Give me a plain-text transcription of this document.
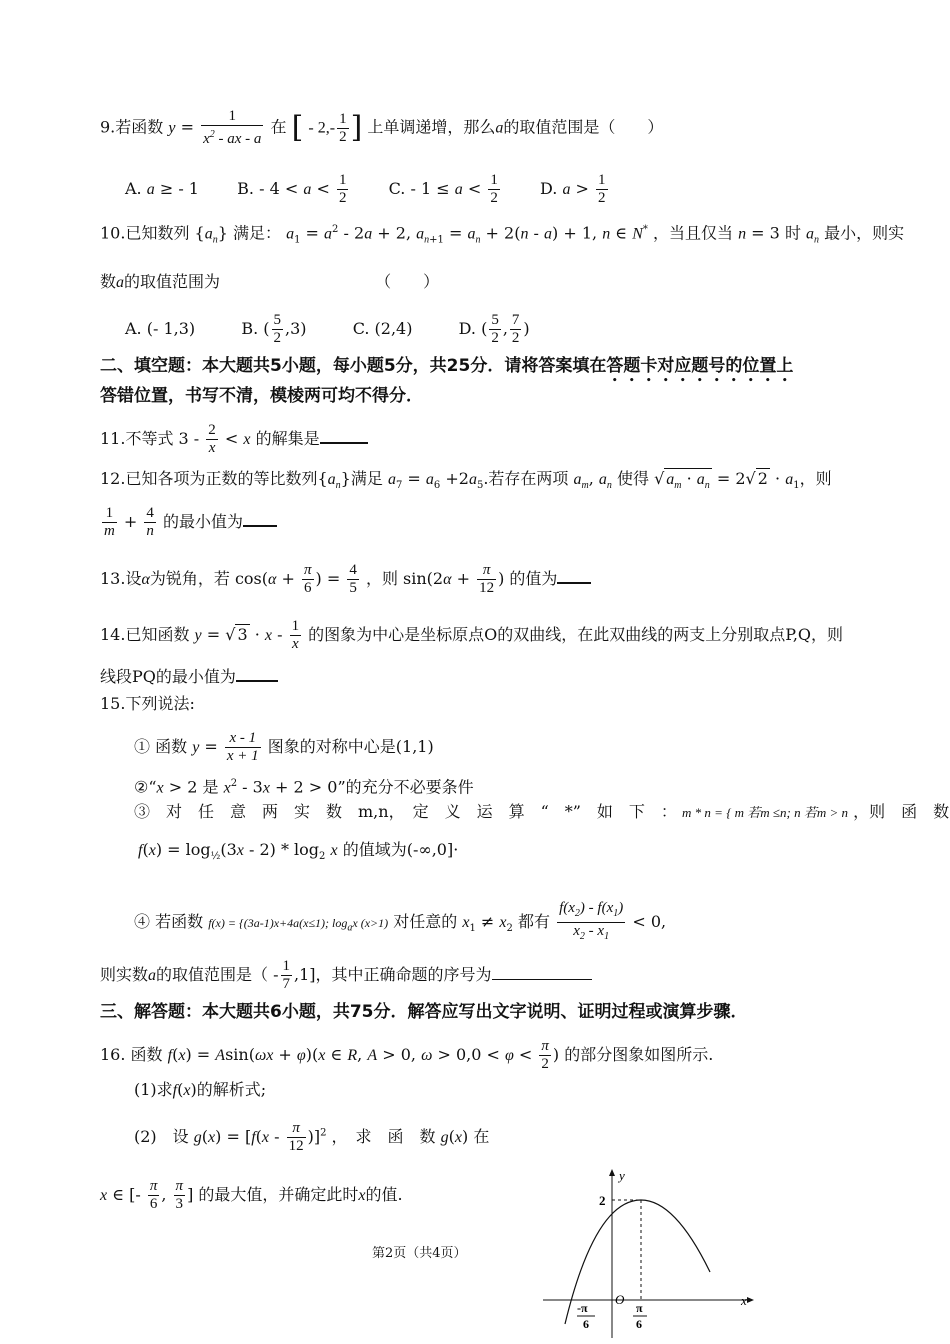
9.若函数 $y = \frac{1}{x^2 - ax - a}$ 在 [ - $2,- \frac{1}{2}$ ] 上单调递增，那么a的取值范围是（　　）
A. a ≥ - 1  B. - $4 < a < \frac{1}{2}$	C. - $1 \le a < \frac{1}{2}$	D. $a > \frac{1}{2}$
10.已知数列 $\{a_n\}$ 满足： $a_1 = a^2 - 2a + 2$, $a_{n+1} = a_n + 2(n - a) + 1$, n ∈ N* ，当且仅当 n = 3 时 $a_n$ 最小，则实
数a的取值范围为	（　　）
A. (- 1,3)	B. ( $\frac{5}{2} ,3$)	C. (2,4)	D. ( $\frac{5}{2}$ , $\frac{7}{2}$ )
二、填空题：本大题共5小题，每小题5分，共25分．请将答案填在答题卡对应题号的位置上
答错位置，书写不清，模棱两可均不得分．
11.不等式 $3 - \frac{2}{x} < x$ 的解集是
12.已知各项为正数的等比数列$\{a_n\}$满足 $a_7 = a_6 +2a_5$.若存在两项 $a_m$, $a_n$ 使得 √ $a_m \cdot a_n = 2√$ $2 \cdot a_1$，则
$\frac{1}{m} + \frac{4}{n}$ 的最小值为
13.设α为锐角，若 $\cos(\alpha + \frac{\pi}{6}$ ) = $\frac{4}{5}$ ，则 $\sin(2\alpha + \frac{\pi}{12}$ ) 的值为
14.已知函数 y = √ $3 \cdot x - \frac{1}{x}$ 的图象为中心是坐标原点O的双曲线，在此双曲线的两支上分别取点P,Q，则
线段PQ的最小值为
15.下列说法:
① 函数 $y = \frac{x - 1}{x + 1}$ 图象的对称中心是(1,1)
②“x > 2 是 $x^2 - 3x + 2 > 0$”的充分不必要条件
③　对　任　意　两　实　数　m,n，　定　义　运　算　“　*”　如　下　： m * n = { m 若m ≤n; n 若m > n ，则　函　数
$f(x) = \log_{\frac{1}{2}}(3x - 2) * \log_2 x$ 的值域为(-∞,0]·
④ 若函数 f(x) = {(3a-1)x+4a(x≤1); $\log_ax$ (x>1) 对任意的 $x_1 \ne x_2$ 都有 $\frac{f(x_2) - f(x_1)}{x_2 - x_1} < 0$,
则实数a的取值范围是（ - $\frac{1}{7} ,1$]，其中正确命题的序号为
三、解答题：本大题共6小题，共75分．解答应写出文字说明、证明过程或演算步骤．
16. 函数 f(x) = Asin(ωx + φ)(x ∈ R, A > 0, $\omega > 0,0 < \varphi < \frac{\pi}{2}$ ) 的部分图象如图所示.
(1)求f(x)的解析式;
(2)　设 $g(x) = [f(x - \frac{\pi}{12} )]^2$ ，　求　函　数 g(x) 在
x ∈ [- $\frac{\pi}{6}$ , $\frac{\pi}{3}$ ] 的最大值，并确定此时x的值.
第2页（共4页）
y
x
2
O
-π
6
π
6
